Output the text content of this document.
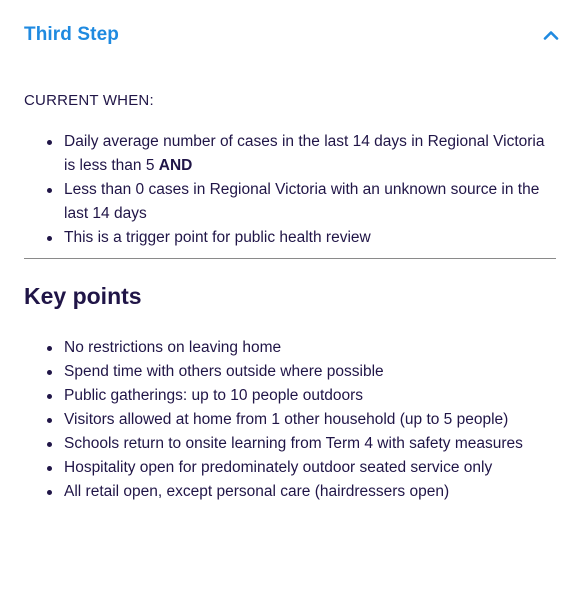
Third Step
CURRENT WHEN:
Daily average number of cases in the last 14 days in Regional Victoria is less than 5 AND
Less than 0 cases in Regional Victoria with an unknown source in the last 14 days
This is a trigger point for public health review
Key points
No restrictions on leaving home
Spend time with others outside where possible
Public gatherings: up to 10 people outdoors
Visitors allowed at home from 1 other household (up to 5 people)
Schools return to onsite learning from Term 4 with safety measures
Hospitality open for predominately outdoor seated service only
All retail open, except personal care (hairdressers open)
